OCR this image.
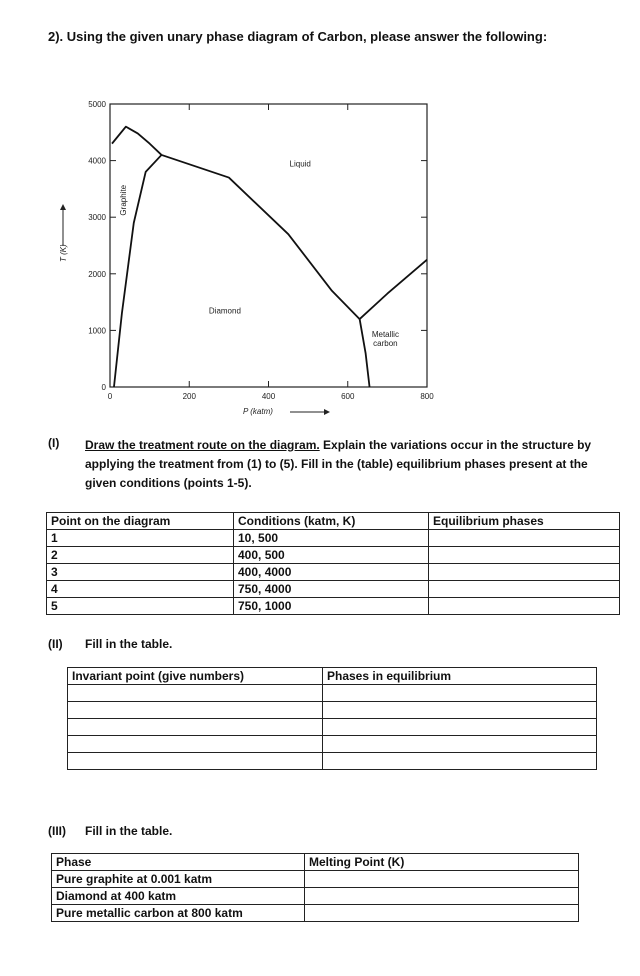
2). Using the given unary phase diagram of Carbon, please answer the following:
0	200	400	600	800
0
1000
2000
3000
4000
5000
Graphite
Liquid
Diamond
Metallic
carbon
P (katm)
T (K)
(I) Draw the treatment route on the diagram. Explain the variations occur in the structure by applying the treatment from (1) to (5). Fill in the (table) equilibrium phases present at the given conditions (points 1-5).
Point on the diagram	Conditions (katm, K)	Equilibrium phases
1	10, 500	
2	400, 500	
3	400, 4000	
4	750, 4000	
5	750, 1000	
(II) Fill in the table.
Invariant point (give numbers)	Phases in equilibrium

(III) Fill in the table.
Phase	Melting Point (K)
Pure graphite at 0.001 katm	
Diamond at 400 katm	
Pure metallic carbon at 800 katm	
